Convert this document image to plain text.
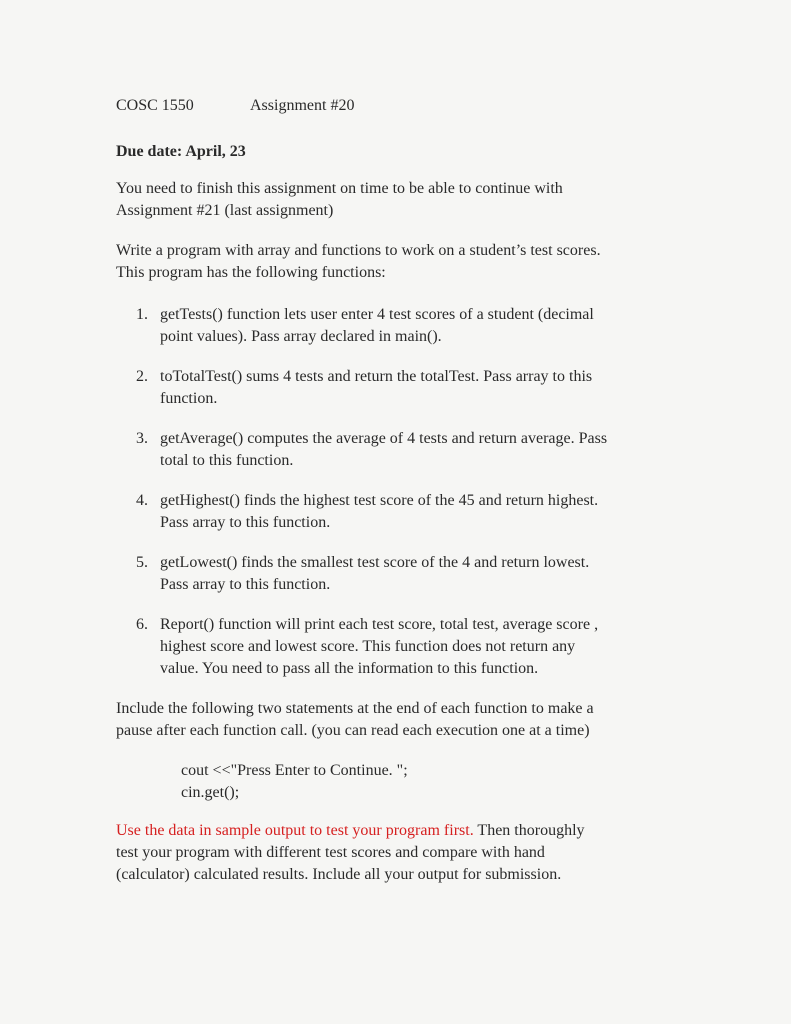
COSC 1550	Assignment #20

Due date: April, 23

You need to finish this assignment on time to be able to continue with
Assignment #21 (last assignment)
Write a program with array and functions to work on a student’s test scores.
This program has the following functions:
1. getTests() function lets user enter 4 test scores of a student (decimal
point values). Pass array declared in main().
2. toTotalTest() sums 4 tests and return the totalTest. Pass array to this
function.
3. getAverage() computes the average of 4 tests and return average. Pass
total to this function.
4. getHighest() finds the highest test score of the 45 and return highest.
Pass array to this function.
5. getLowest() finds the smallest test score of the 4 and return lowest.
Pass array to this function.
6. Report() function will print each test score, total test, average score ,
highest score and lowest score. This function does not return any
value. You need to pass all the information to this function.
Include the following two statements at the end of each function to make a
pause after each function call. (you can read each execution one at a time)
cout <<"Press Enter to Continue. ";
cin.get();
Use the data in sample output to test your program first. Then thoroughly
test your program with different test scores and compare with hand
(calculator) calculated results. Include all your output for submission.
